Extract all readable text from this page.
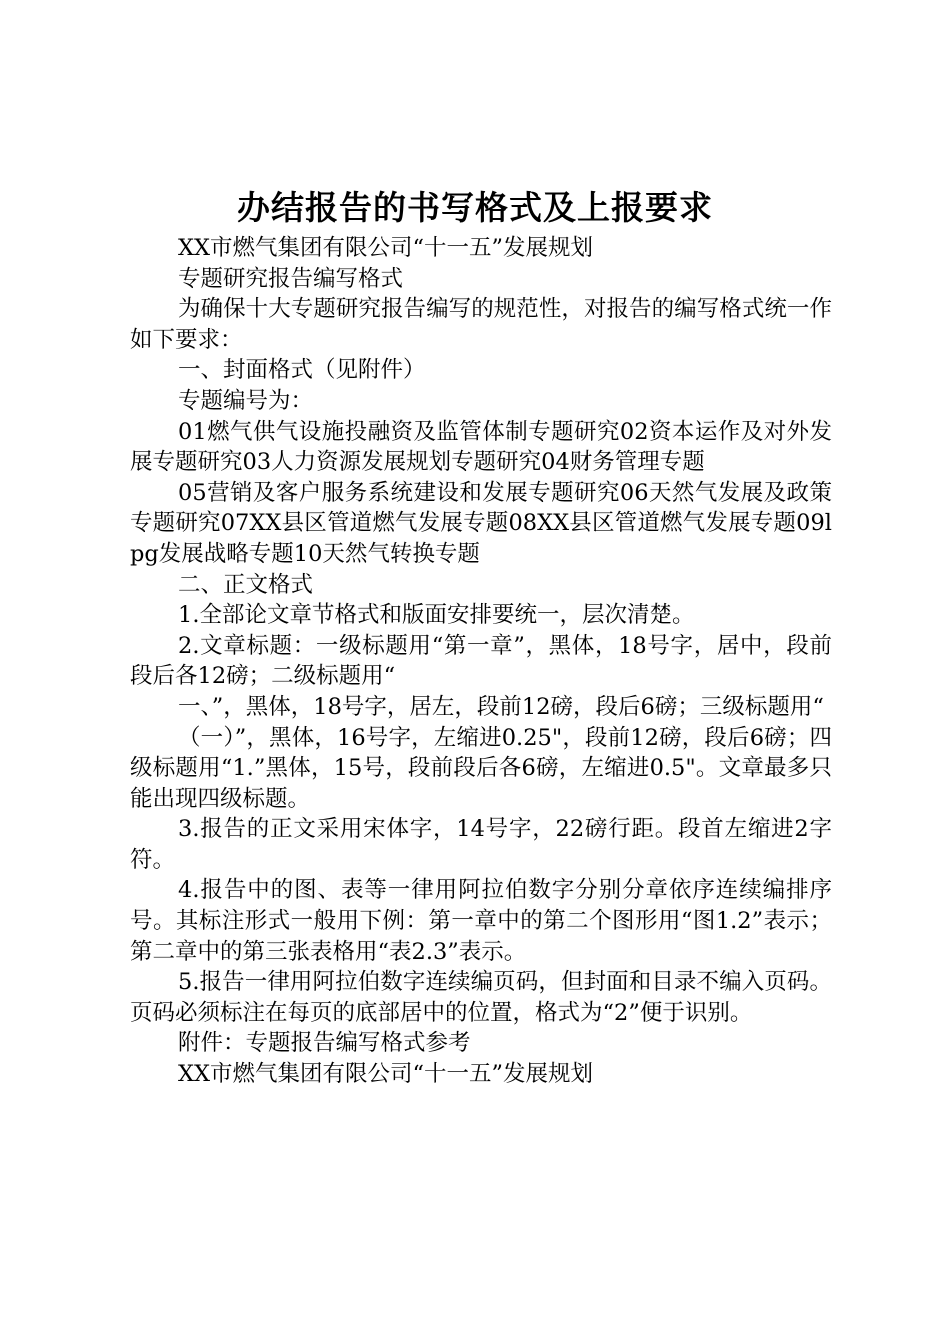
办结报告的书写格式及上报要求

XX市燃气集团有限公司“十一五”发展规划

专题研究报告编写格式

为确保十大专题研究报告编写的规范性，对报告的编写格式统一作如下要求：

一、封面格式（见附件）

专题编号为：

01燃气供气设施投融资及监管体制专题研究02资本运作及对外发展专题研究03人力资源发展规划专题研究04财务管理专题

05营销及客户服务系统建设和发展专题研究06天然气发展及政策专题研究07XX县区管道燃气发展专题08XX县区管道燃气发展专题09lpg发展战略专题10天然气转换专题

二、正文格式

1.全部论文章节格式和版面安排要统一，层次清楚。

2.文章标题：一级标题用“第一章”，黑体，18号字，居中，段前段后各12磅；二级标题用“

一、”，黑体，18号字，居左，段前12磅，段后6磅；三级标题用“

（一）”，黑体，16号字，左缩进0.25"，段前12磅，段后6磅；四级标题用“1.”黑体，15号，段前段后各6磅，左缩进0.5"。文章最多只能出现四级标题。

3.报告的正文采用宋体字，14号字，22磅行距。段首左缩进2字符。

4.报告中的图、表等一律用阿拉伯数字分别分章依序连续编排序号。其标注形式一般用下例：第一章中的第二个图形用“图1.2”表示；第二章中的第三张表格用“表2.3”表示。

5.报告一律用阿拉伯数字连续编页码，但封面和目录不编入页码。页码必须标注在每页的底部居中的位置，格式为“2”便于识别。

附件：专题报告编写格式参考

XX市燃气集团有限公司“十一五”发展规划
